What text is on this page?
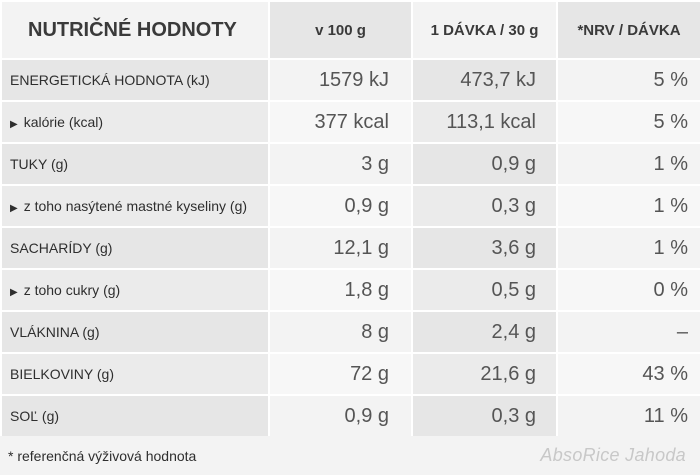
NUTRIČNÉ HODNOTY	v 100 g	1 DÁVKA / 30 g	*NRV / DÁVKA
ENERGETICKÁ HODNOTA (kJ)	1579 kJ	473,7 kJ	5 %
▶ kalórie (kcal)	377 kcal	113,1 kcal	5 %
TUKY (g)	3 g	0,9 g	1 %
▶ z toho nasýtené mastné kyseliny (g)	0,9 g	0,3 g	1 %
SACHARÍDY (g)	12,1 g	3,6 g	1 %
▶ z toho cukry (g)	1,8 g	0,5 g	0 %
VLÁKNINA (g)	8 g	2,4 g	–
BIELKOVINY (g)	72 g	21,6 g	43 %
SOĽ (g)	0,9 g	0,3 g	11 %
* referenčná výživová hodnota	AbsoRice Jahoda
